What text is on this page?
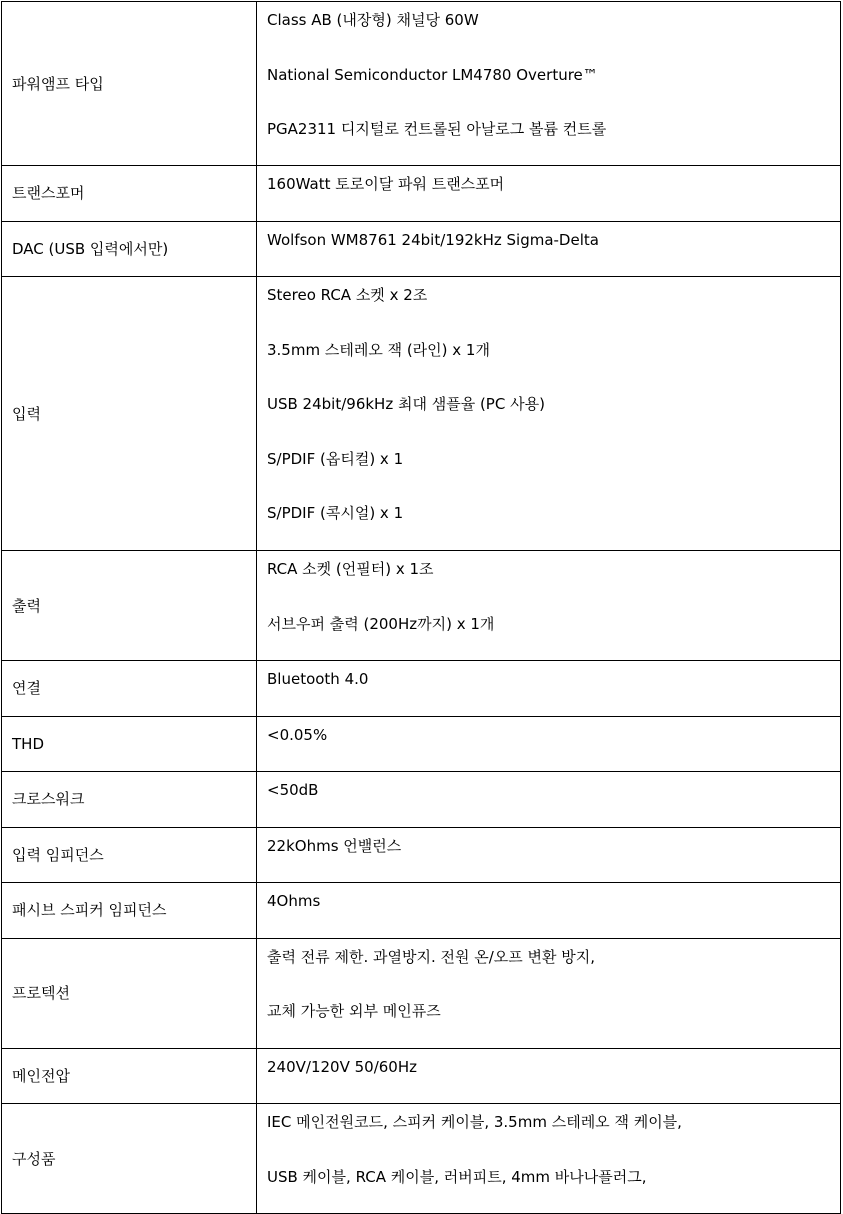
파워앰프 타입	Class AB (내장형) 채널당 60W
National Semiconductor LM4780 Overture™
PGA2311 디지털로 컨트롤된 아날로그 볼륨 컨트롤

트랜스포머	160Watt 토로이달 파워 트랜스포머

DAC (USB 입력에서만)	Wolfson WM8761 24bit/192kHz Sigma-Delta

입력	Stereo RCA 소켓 x 2조
3.5mm 스테레오 잭 (라인) x 1개
USB 24bit/96kHz 최대 샘플율 (PC 사용)
S/PDIF (옵티컬) x 1
S/PDIF (콕시얼) x 1

출력	RCA 소켓 (언필터) x 1조
서브우퍼 출력 (200Hz까지) x 1개

연결	Bluetooth 4.0

THD	<0.05%

크로스워크	<50dB

입력 임피던스	22kOhms 언밸런스

패시브 스피커 임피던스	4Ohms

프로텍션	출력 전류 제한. 과열방지. 전원 온/오프 변환 방지,
교체 가능한 외부 메인퓨즈

메인전압	240V/120V 50/60Hz

구성품	IEC 메인전원코드, 스피커 케이블, 3.5mm 스테레오 잭 케이블,
USB 케이블, RCA 케이블, 러버피트, 4mm 바나나플러그,
